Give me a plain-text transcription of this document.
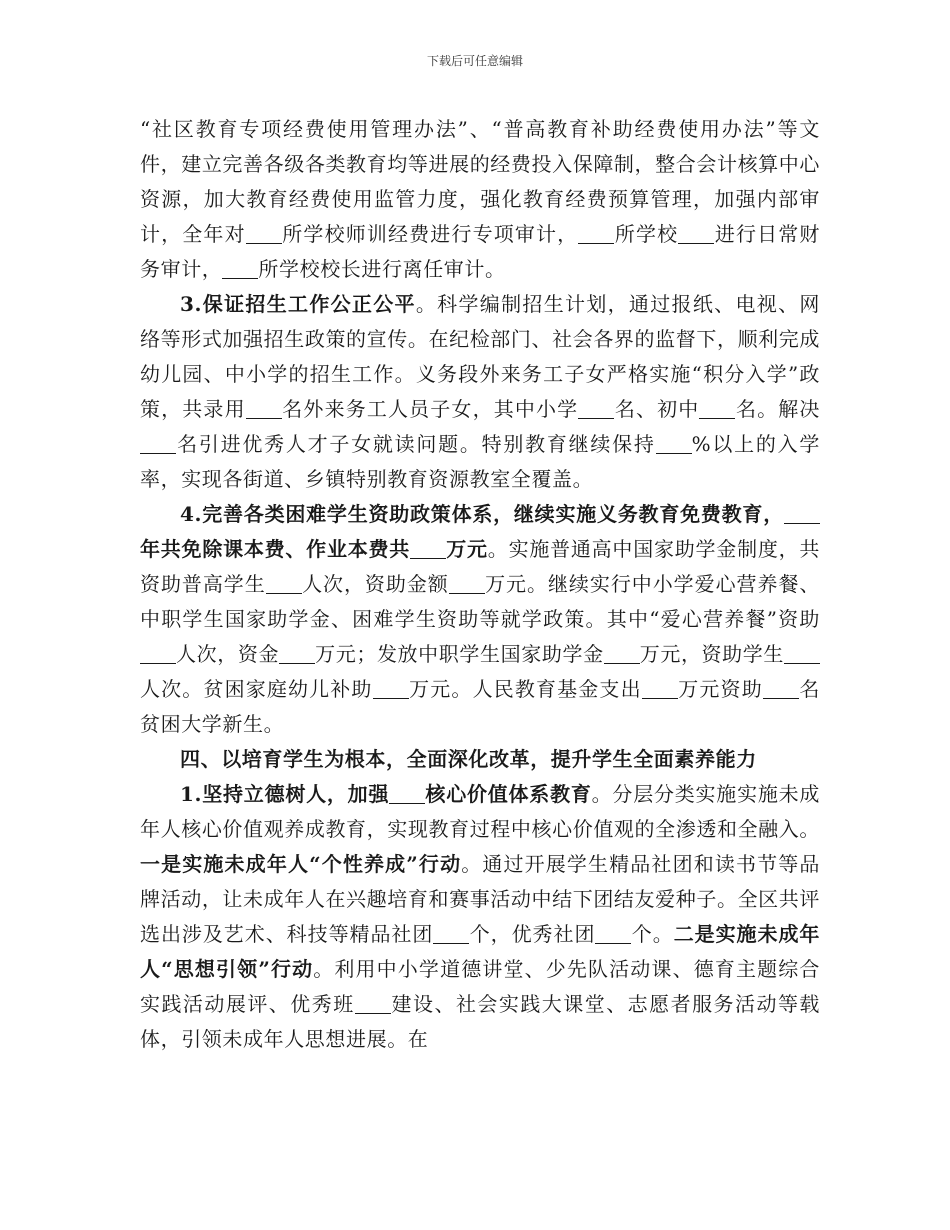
下载后可任意编辑

“社区教育专项经费使用管理办法”、“普高教育补助经费使用办法”等文件，建立完善各级各类教育均等进展的经费投入保障制，整合会计核算中心资源，加大教育经费使用监管力度，强化教育经费预算管理，加强内部审计，全年对 所学校师训经费进行专项审计， 所学校 进行日常财务审计， 所学校校长进行离任审计。

3.保证招生工作公正公平。科学编制招生计划，通过报纸、电视、网络等形式加强招生政策的宣传。在纪检部门、社会各界的监督下，顺利完成幼儿园、中小学的招生工作。义务段外来务工子女严格实施“积分入学”政策，共录用 名外来务工人员子女，其中小学 名、初中 名。解决名引进优秀人才子女就读问题。特别教育继续保持 %以上的入学率，实现各街道、乡镇特别教育资源教室全覆盖。

4.完善各类困难学生资助政策体系，继续实施义务教育免费教育，年共免除课本费、作业本费共 万元。实施普通高中国家助学金制度，共资助普高学生 人次，资助金额 万元。继续实行中小学爱心营养餐、中职学生国家助学金、困难学生资助等就学政策。其中“爱心营养餐”资助人次，资金 万元；发放中职学生国家助学金 万元，资助学生人次。贫困家庭幼儿补助 万元。人民教育基金支出 万元资助 名贫困大学新生。

四、以培育学生为根本，全面深化改革，提升学生全面素养能力

1.坚持立德树人，加强 核心价值体系教育。分层分类实施实施未成年人核心价值观养成教育，实现教育过程中核心价值观的全渗透和全融入。一是实施未成年人“个性养成”行动。通过开展学生精品社团和读书节等品牌活动，让未成年人在兴趣培育和赛事活动中结下团结友爱种子。全区共评选出涉及艺术、科技等精品社团 个，优秀社团 个。二是实施未成年人“思想引领”行动。利用中小学道德讲堂、少先队活动课、德育主题综合实践活动展评、优秀班 建设、社会实践大课堂、志愿者服务活动等载体，引领未成年人思想进展。在
